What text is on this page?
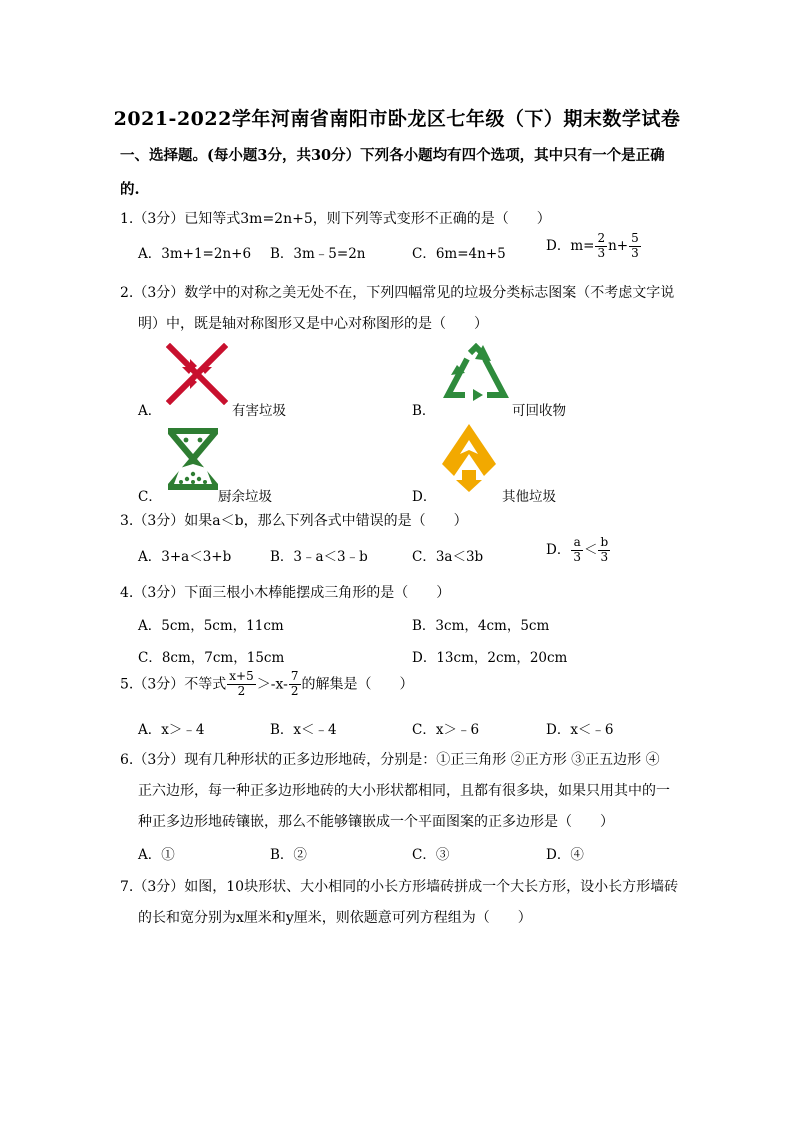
2021-2022学年河南省南阳市卧龙区七年级（下）期末数学试卷
一、选择题。(每小题3分，共30分）下列各小题均有四个选项，其中只有一个是正确
的.
1.（3分）已知等式3m=2n+5，则下列等式变形不正确的是（　　）
A．3m+1=2n+6 B．3m﹣5=2n	C．6m=4n+5
D．$m= \frac{2}{3} n+ \frac{5}{3}$
2.（3分）数学中的对称之美无处不在，下列四幅常见的垃圾分类标志图案（不考虑文字说
明）中，既是轴对称图形又是中心对称图形的是（　　）
A．	有害垃圾	B．	可回收物
C．	厨余垃圾	D．	其他垃圾
3.（3分）如果a＜b，那么下列各式中错误的是（　　）
A．3+a＜3+b	B．3﹣a＜3﹣b	C．3a＜3b	D． $\frac{a}{3} < \frac{b}{3}$
4.（3分）下面三根小木棒能摆成三角形的是（　　）
A．5cm，5cm，11cm	B．3cm，4cm，5cm
C．8cm，7cm，15cm	D．13cm，2cm，20cm
5.（3分）不等式 $\frac{x+5}{2} >-x- \frac{7}{2}$ 的解集是（　　）
A．x＞﹣4	B．x＜﹣4	C．x＞﹣6	D．x＜﹣6
6.（3分）现有几种形状的正多边形地砖，分别是：①正三角形 ②正方形 ③正五边形 ④
正六边形，每一种正多边形地砖的大小形状都相同，且都有很多块，如果只用其中的一
种正多边形地砖镶嵌，那么不能够镶嵌成一个平面图案的正多边形是（　　）
A．①	B．②	C．③	D．④
7.（3分）如图，10块形状、大小相同的小长方形墙砖拼成一个大长方形，设小长方形墙砖
的长和宽分别为x厘米和y厘米，则依题意可列方程组为（　　）
